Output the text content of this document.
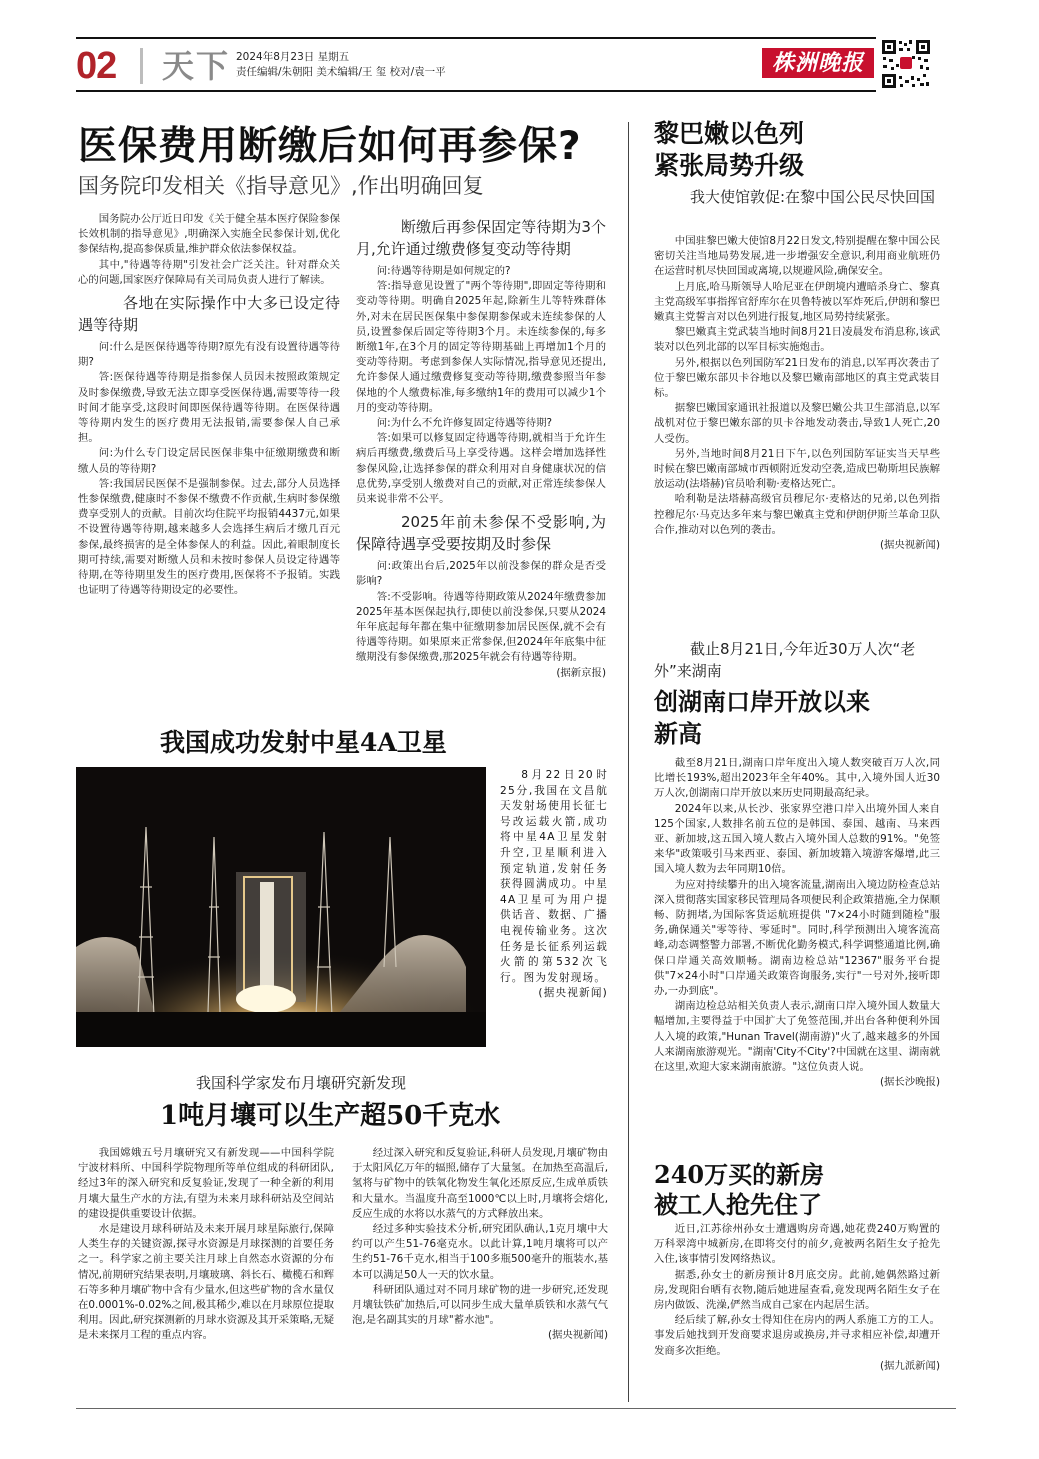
02 天下 2024年8月23日 星期五
责任编辑/朱朝阳 美术编辑/王 玺 校对/袁一平	株洲晚报
医保费用断缴后如何再参保?
国务院印发相关《指导意见》,作出明确回复

国务院办公厅近日印发《关于健全基本医疗保险参保长效机制的指导意见》,明确深入实施全民参保计划,优化参保结构,提高参保质量,维护群众依法参保权益。

其中,"待遇等待期"引发社会广泛关注。针对群众关心的问题,国家医疗保障局有关司局负责人进行了解读。

各地在实际操作中大多已设定待遇等待期

问:什么是医保待遇等待期?原先有没有设置待遇等待期?

答:医保待遇等待期是指参保人员因未按照政策规定及时参保缴费,导致无法立即享受医保待遇,需要等待一段时间才能享受,这段时间即医保待遇等待期。在医保待遇等待期内发生的医疗费用无法报销,需要参保人自己承担。

问:为什么专门设定居民医保非集中征缴期缴费和断缴人员的等待期?

答:我国居民医保不是强制参保。过去,部分人员选择性参保缴费,健康时不参保不缴费不作贡献,生病时参保缴费享受别人的贡献。目前次均住院平均报销4437元,如果不设置待遇等待期,越来越多人会选择生病后才缴几百元参保,最终损害的是全体参保人的利益。因此,着眼制度长期可持续,需要对断缴人员和未按时参保人员设定待遇等待期,在等待期里发生的医疗费用,医保将不予报销。实践也证明了待遇等待期设定的必要性。

断缴后再参保固定等待期为3个月,允许通过缴费修复变动等待期

问:待遇等待期是如何规定的?

答:指导意见设置了"两个等待期",即固定等待期和变动等待期。明确自2025年起,除新生儿等特殊群体外,对未在居民医保集中参保期参保或未连续参保的人员,设置参保后固定等待期3个月。未连续参保的,每多断缴1年,在3个月的固定等待期基础上再增加1个月的变动等待期。考虑到参保人实际情况,指导意见还提出,允许参保人通过缴费修复变动等待期,缴费参照当年参保地的个人缴费标准,每多缴纳1年的费用可以减少1个月的变动等待期。

问:为什么不允许修复固定待遇等待期?

答:如果可以修复固定待遇等待期,就相当于允许生病后再缴费,缴费后马上享受待遇。这样会增加选择性参保风险,让选择参保的群众利用对自身健康状况的信息优势,享受别人缴费对自己的贡献,对正常连续参保人员来说非常不公平。

2025年前未参保不受影响,为保障待遇享受要按期及时参保

问:政策出台后,2025年以前没参保的群众是否受影响?

答:不受影响。待遇等待期政策从2024年缴费参加2025年基本医保起执行,即使以前没参保,只要从2024年年底起每年都在集中征缴期参加居民医保,就不会有待遇等待期。如果原来正常参保,但2024年年底集中征缴期没有参保缴费,那2025年就会有待遇等待期。

(据新京报)

我国成功发射中星4A卫星

8月22日20时25分,我国在文昌航天发射场使用长征七号改运载火箭,成功将中星4A卫星发射升空,卫星顺利进入预定轨道,发射任务获得圆满成功。中星4A卫星可为用户提供话音、数据、广播电视传输业务。这次任务是长征系列运载火箭的第532次飞行。图为发射现场。

(据央视新闻)

我国科学家发布月壤研究新发现
1吨月壤可以生产超50千克水

我国嫦娥五号月壤研究又有新发现——中国科学院宁波材料所、中国科学院物理所等单位组成的科研团队,经过3年的深入研究和反复验证,发现了一种全新的利用月壤大量生产水的方法,有望为未来月球科研站及空间站的建设提供重要设计依据。

水是建设月球科研站及未来开展月球星际旅行,保障人类生存的关键资源,探寻水资源是月球探测的首要任务之一。科学家之前主要关注月球上自然态水资源的分布情况,前期研究结果表明,月壤玻璃、斜长石、橄榄石和辉石等多种月壤矿物中含有少量水,但这些矿物的含水量仅在0.0001%-0.02%之间,极其稀少,难以在月球原位提取利用。因此,研究探测新的月球水资源及其开采策略,无疑是未来探月工程的重点内容。

经过深入研究和反复验证,科研人员发现,月壤矿物由于太阳风亿万年的辐照,储存了大量氢。在加热至高温后,氢将与矿物中的铁氧化物发生氧化还原反应,生成单质铁和大量水。当温度升高至1000℃以上时,月壤将会熔化,反应生成的水将以水蒸气的方式释放出来。

经过多种实验技术分析,研究团队确认,1克月壤中大约可以产生51-76毫克水。以此计算,1吨月壤将可以产生约51-76千克水,相当于100多瓶500毫升的瓶装水,基本可以满足50人一天的饮水量。

科研团队通过对不同月球矿物的进一步研究,还发现月壤钛铁矿加热后,可以同步生成大量单质铁和水蒸气气泡,是名副其实的月球"蓄水池"。

(据央视新闻)

黎巴嫩以色列
紧张局势升级
我大使馆敦促:在黎中国公民尽快回国

中国驻黎巴嫩大使馆8月22日发文,特别提醒在黎中国公民密切关注当地局势发展,进一步增强安全意识,利用商业航班仍在运营时机尽快回国或离境,以规避风险,确保安全。

上月底,哈马斯领导人哈尼亚在伊朗境内遭暗杀身亡、黎真主党高级军事指挥官舒库尔在贝鲁特被以军炸死后,伊朗和黎巴嫩真主党誓言对以色列进行报复,地区局势持续紧张。

黎巴嫩真主党武装当地时间8月21日凌晨发布消息称,该武装对以色列北部的以军目标实施炮击。

另外,根据以色列国防军21日发布的消息,以军再次袭击了位于黎巴嫩东部贝卡谷地以及黎巴嫩南部地区的真主党武装目标。

据黎巴嫩国家通讯社报道以及黎巴嫩公共卫生部消息,以军战机对位于黎巴嫩东部的贝卡谷地发动袭击,导致1人死亡,20人受伤。

另外,当地时间8月21日下午,以色列国防军证实当天早些时候在黎巴嫩南部城市西顿附近发动空袭,造成巴勒斯坦民族解放运动(法塔赫)官员哈利勒·麦格达死亡。

哈利勒是法塔赫高级官员穆尼尔·麦格达的兄弟,以色列指控穆尼尔·马克达多年来与黎巴嫩真主党和伊朗伊斯兰革命卫队合作,推动对以色列的袭击。

(据央视新闻)

截止8月21日,今年近30万人次“老外”来湖南
创湖南口岸开放以来
新高

截至8月21日,湖南口岸年度出入境人数突破百万人次,同比增长193%,超出2023年全年40%。其中,入境外国人近30万人次,创湖南口岸开放以来历史同期最高纪录。

2024年以来,从长沙、张家界空港口岸入出境外国人来自125个国家,人数排名前五位的是韩国、泰国、越南、马来西亚、新加坡,这五国入境人数占入境外国人总数的91%。"免签来华"政策吸引马来西亚、泰国、新加坡籍入境游客爆增,此三国入境人数为去年同期10倍。

为应对持续攀升的出入境客流量,湖南出入境边防检查总站深入贯彻落实国家移民管理局各项便民利企政策措施,全力保顺畅、防拥堵,为国际客货运航班提供 "7×24小时随到随检"服务,确保通关"零等待、零延时"。同时,科学预测出入境客流高峰,动态调整警力部署,不断优化勤务模式,科学调整通道比例,确保口岸通关高效顺畅。湖南边检总站"12367"服务平台提供"7×24小时"口岸通关政策咨询服务,实行"一号对外,接听即办,一办到底"。

湖南边检总站相关负责人表示,湖南口岸入境外国人数量大幅增加,主要得益于中国扩大了免签范围,并出台各种便利外国人入境的政策,"Hunan Travel(湖南游)"火了,越来越多的外国人来湖南旅游观光。"湖南'City不City'?中国就在这里、湖南就在这里,欢迎大家来湖南旅游。"这位负责人说。

(据长沙晚报)

240万买的新房
被工人抢先住了

近日,江苏徐州孙女士遭遇购房奇遇,她花费240万购置的万科翠湾中城新房,在即将交付的前夕,竟被两名陌生女子抢先入住,该事情引发网络热议。

据悉,孙女士的新房预计8月底交房。此前,她偶然路过新房,发现阳台晒有衣物,随后她进屋查看,竟发现两名陌生女子在房内做饭、洗澡,俨然当成自己家在内起居生活。

经后续了解,孙女士得知住在房内的两人系施工方的工人。事发后她找到开发商要求退房或换房,并寻求相应补偿,却遭开发商多次拒绝。

(据九派新闻)
